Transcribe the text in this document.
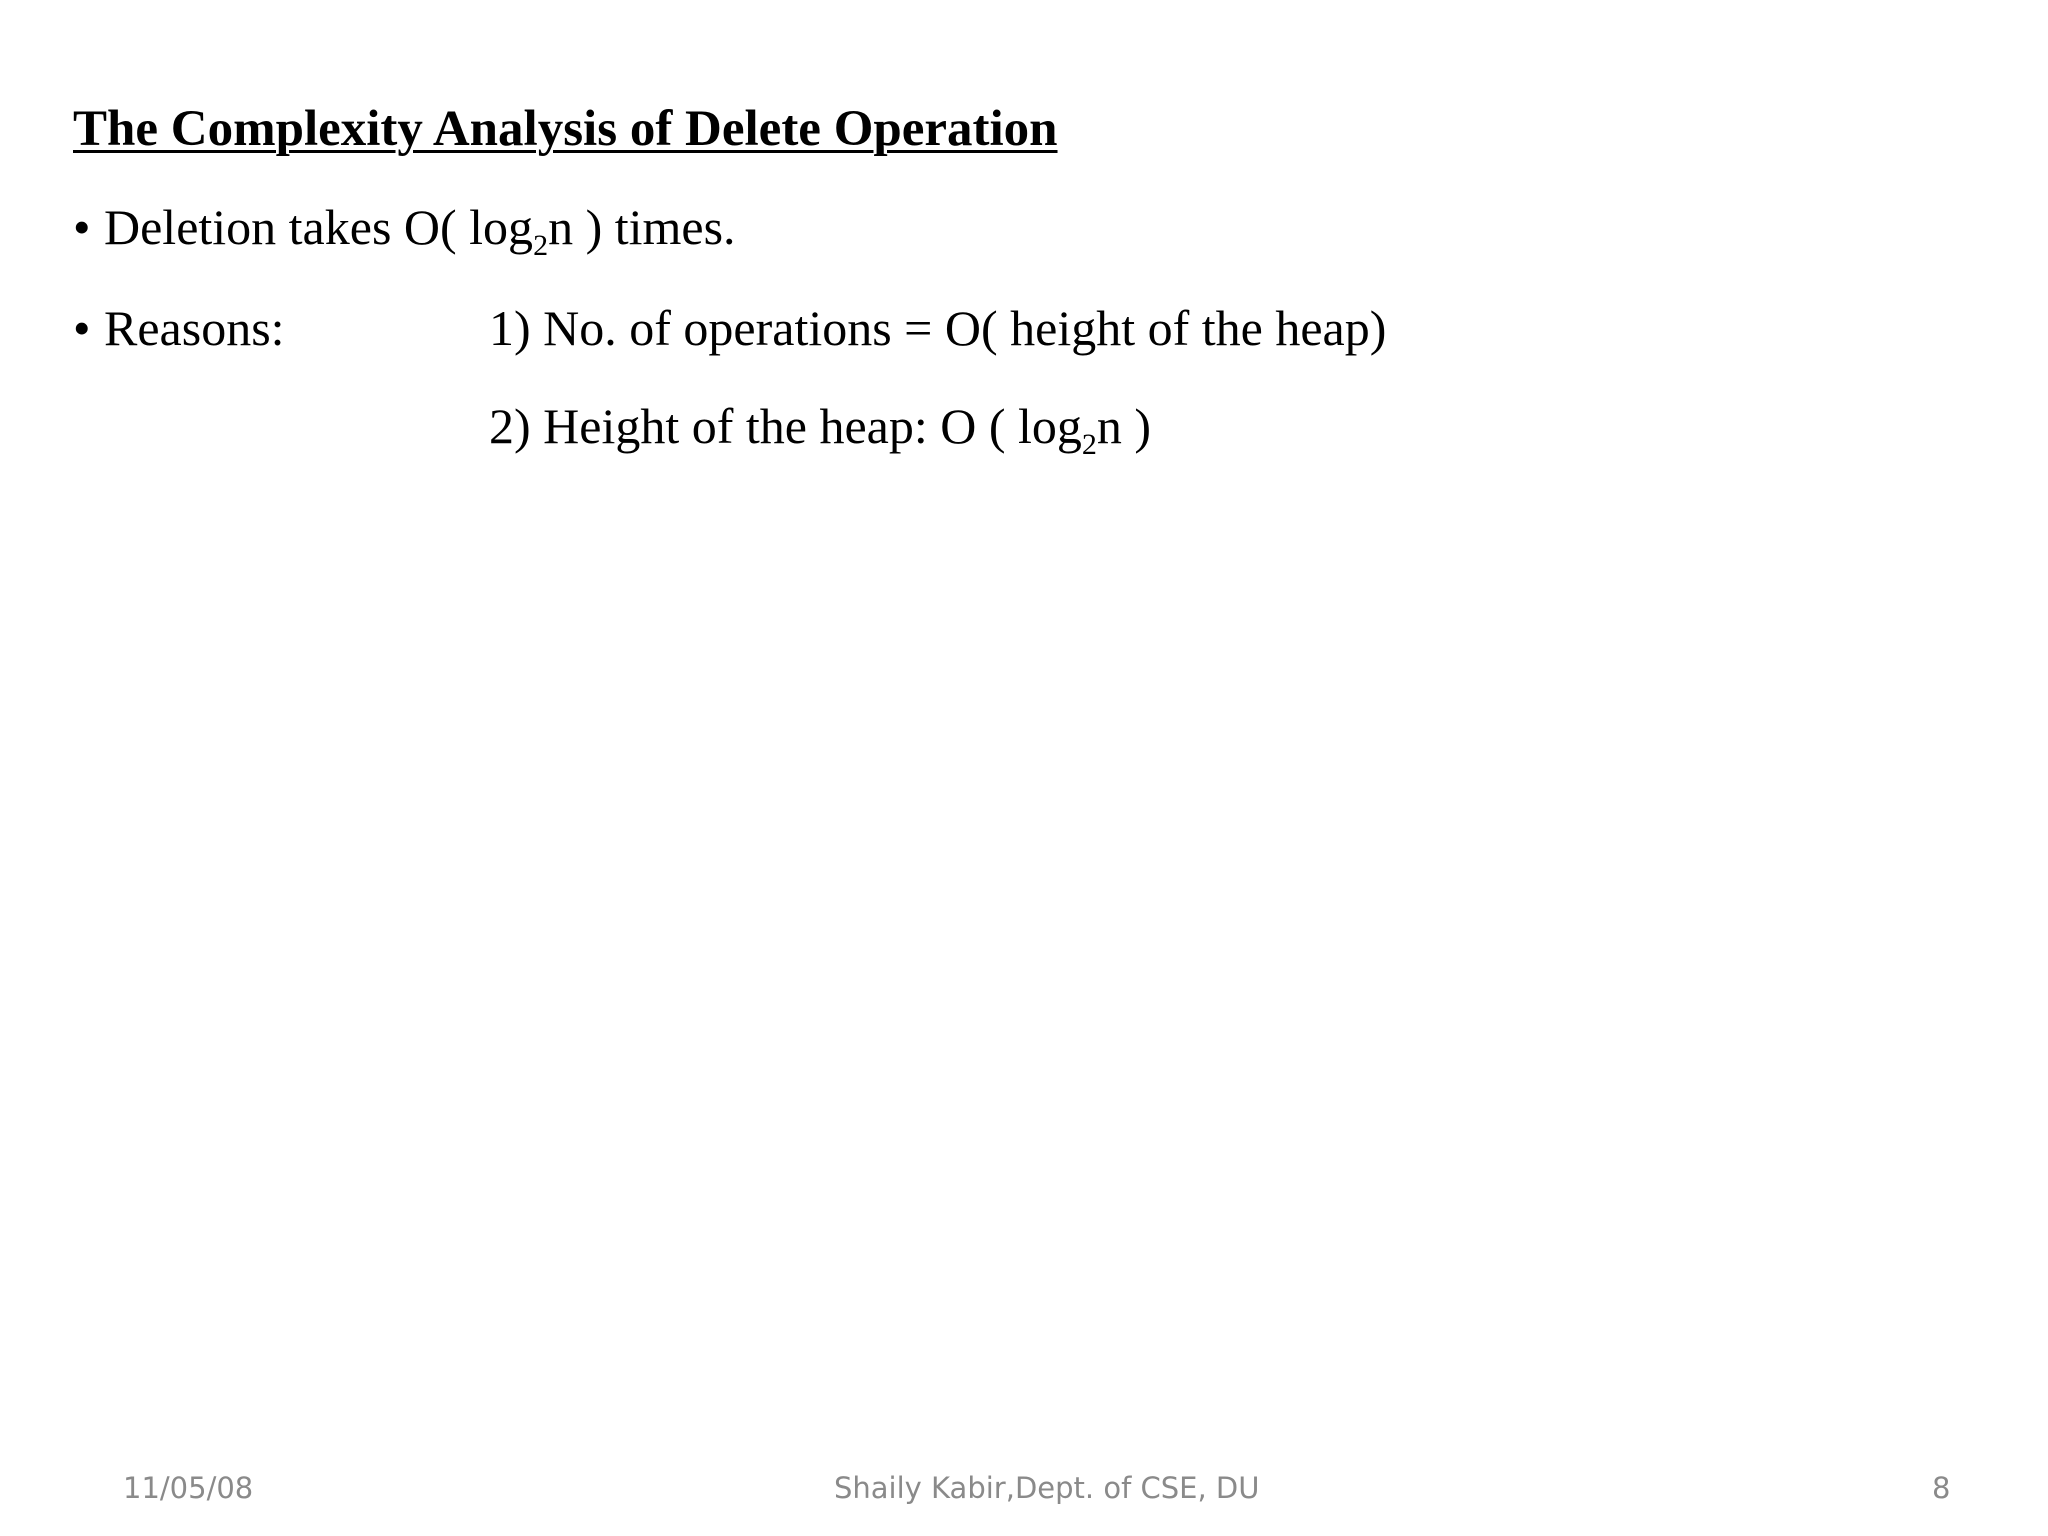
The Complexity Analysis of Delete Operation
• Deletion takes O( $\log_2n$ ) times.
• Reasons:	1) No. of operations = O( height of the heap)
2) Height of the heap: O ( $\log_2n$ )
11/05/08	Shaily Kabir,Dept. of CSE, DU	8
